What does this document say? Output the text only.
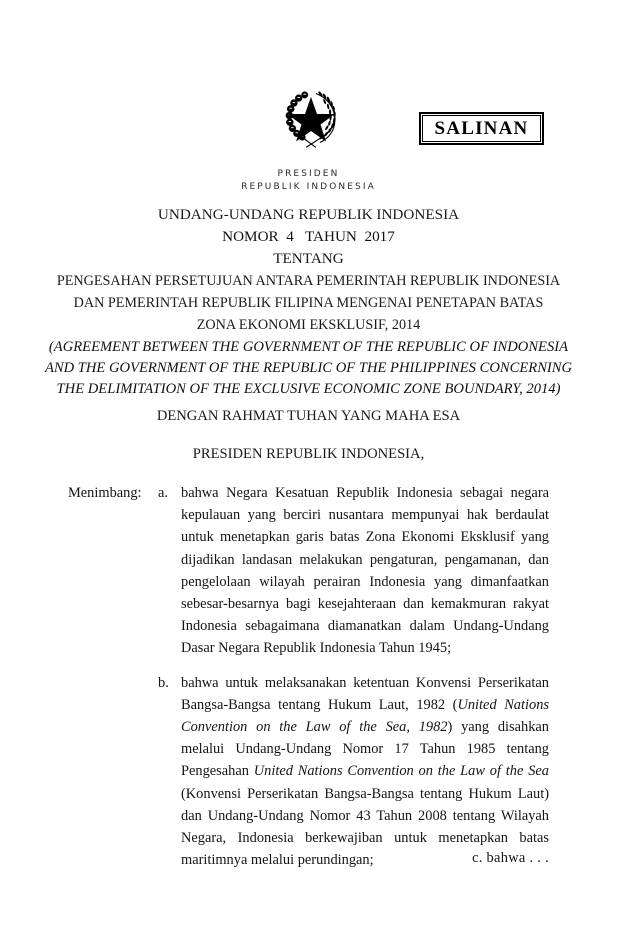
SALINAN
PRESIDEN
REPUBLIK INDONESIA
UNDANG-UNDANG REPUBLIK INDONESIA
NOMOR  4   TAHUN  2017
TENTANG
PENGESAHAN PERSETUJUAN ANTARA PEMERINTAH REPUBLIK INDONESIA
DAN PEMERINTAH REPUBLIK FILIPINA MENGENAI PENETAPAN BATAS
ZONA EKONOMI EKSKLUSIF, 2014
(AGREEMENT BETWEEN THE GOVERNMENT OF THE REPUBLIC OF INDONESIA
AND THE GOVERNMENT OF THE REPUBLIC OF THE PHILIPPINES CONCERNING
THE DELIMITATION OF THE EXCLUSIVE ECONOMIC ZONE BOUNDARY, 2014)
DENGAN RAHMAT TUHAN YANG MAHA ESA
PRESIDEN REPUBLIK INDONESIA,
Menimbang: a. bahwa Negara Kesatuan Republik Indonesia sebagai negara kepulauan yang berciri nusantara mempunyai hak berdaulat untuk menetapkan garis batas Zona Ekonomi Eksklusif yang dijadikan landasan melakukan pengaturan, pengamanan, dan pengelolaan wilayah perairan Indonesia yang dimanfaatkan sebesar-besarnya bagi kesejahteraan dan kemakmuran rakyat Indonesia sebagaimana diamanatkan dalam Undang-Undang Dasar Negara Republik Indonesia Tahun 1945;
b. bahwa untuk melaksanakan ketentuan Konvensi Perserikatan Bangsa-Bangsa tentang Hukum Laut, 1982 (United Nations Convention on the Law of the Sea, 1982) yang disahkan melalui Undang-Undang Nomor 17 Tahun 1985 tentang Pengesahan United Nations Convention on the Law of the Sea (Konvensi Perserikatan Bangsa-Bangsa tentang Hukum Laut) dan Undang-Undang Nomor 43 Tahun 2008 tentang Wilayah Negara, Indonesia berkewajiban untuk menetapkan batas maritimnya melalui perundingan;	c. bahwa . . .
